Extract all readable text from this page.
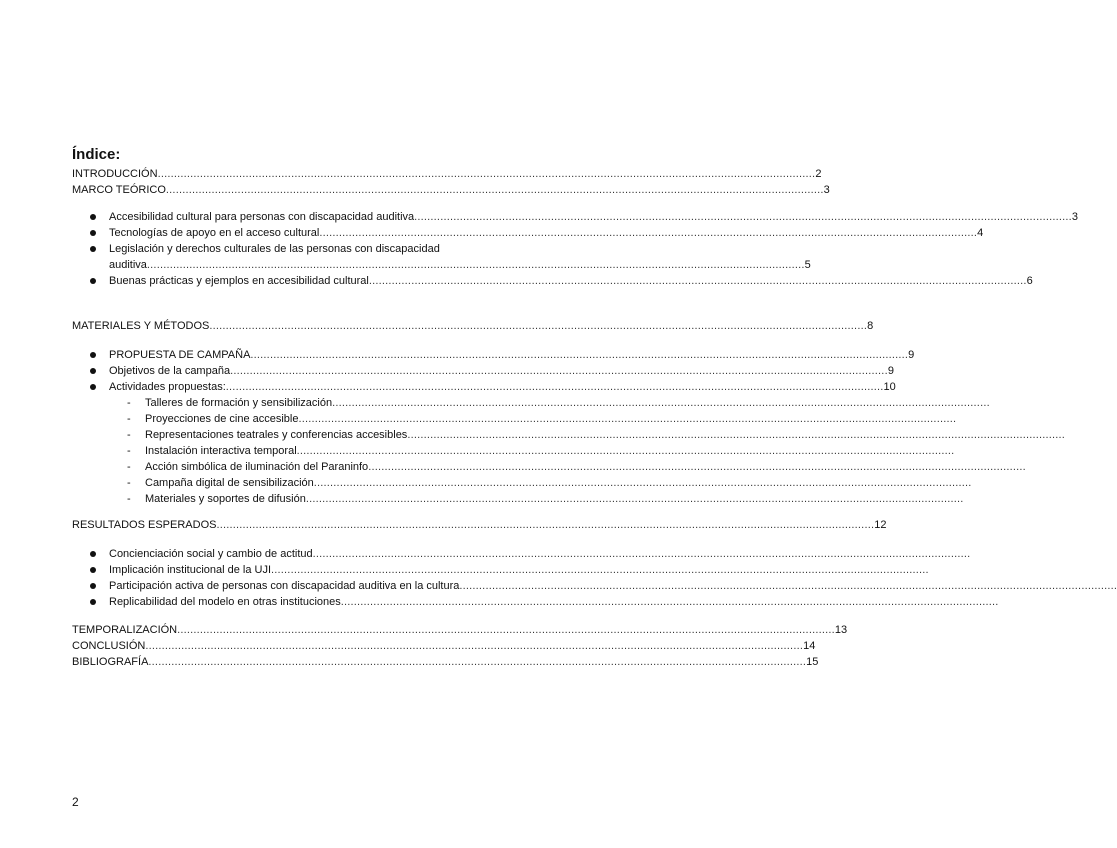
Índice:
INTRODUCCIÓN .......................................................................................................................................................................................................... 2
MARCO TEÓRICO .......................................................................................................................................................................................................... 3
Accesibilidad cultural para personas con discapacidad auditiva .......................................................................................................................................................................................................... 3
Tecnologías de apoyo en el acceso cultural .......................................................................................................................................................................................................... 4
Legislación y derechos culturales de las personas con discapacidad
auditiva .......................................................................................................................................................................................................... 5
Buenas prácticas y ejemplos en accesibilidad cultural .......................................................................................................................................................................................................... 6
MATERIALES Y MÉTODOS .......................................................................................................................................................................................................... 8
PROPUESTA DE CAMPAÑA .......................................................................................................................................................................................................... 9
Objetivos de la campaña .......................................................................................................................................................................................................... 9
Actividades propuestas: .......................................................................................................................................................................................................... 10
- Talleres de formación y sensibilización ..........................................................................................................................................................................................................
- Proyecciones de cine accesible ..........................................................................................................................................................................................................
- Representaciones teatrales y conferencias accesibles ..........................................................................................................................................................................................................
- Instalación interactiva temporal ..........................................................................................................................................................................................................
- Acción simbólica de iluminación del Paraninfo ..........................................................................................................................................................................................................
- Campaña digital de sensibilización ..........................................................................................................................................................................................................
- Materiales y soportes de difusión ..........................................................................................................................................................................................................
RESULTADOS ESPERADOS .......................................................................................................................................................................................................... 12
Concienciación social y cambio de actitud ..........................................................................................................................................................................................................
Implicación institucional de la UJI ..........................................................................................................................................................................................................
Participación activa de personas con discapacidad auditiva en la cultura ..........................................................................................................................................................................................................
Replicabilidad del modelo en otras instituciones ..........................................................................................................................................................................................................
TEMPORALIZACIÓN .......................................................................................................................................................................................................... 13
CONCLUSIÓN .......................................................................................................................................................................................................... 14
BIBLIOGRAFÍA .......................................................................................................................................................................................................... 15
2
